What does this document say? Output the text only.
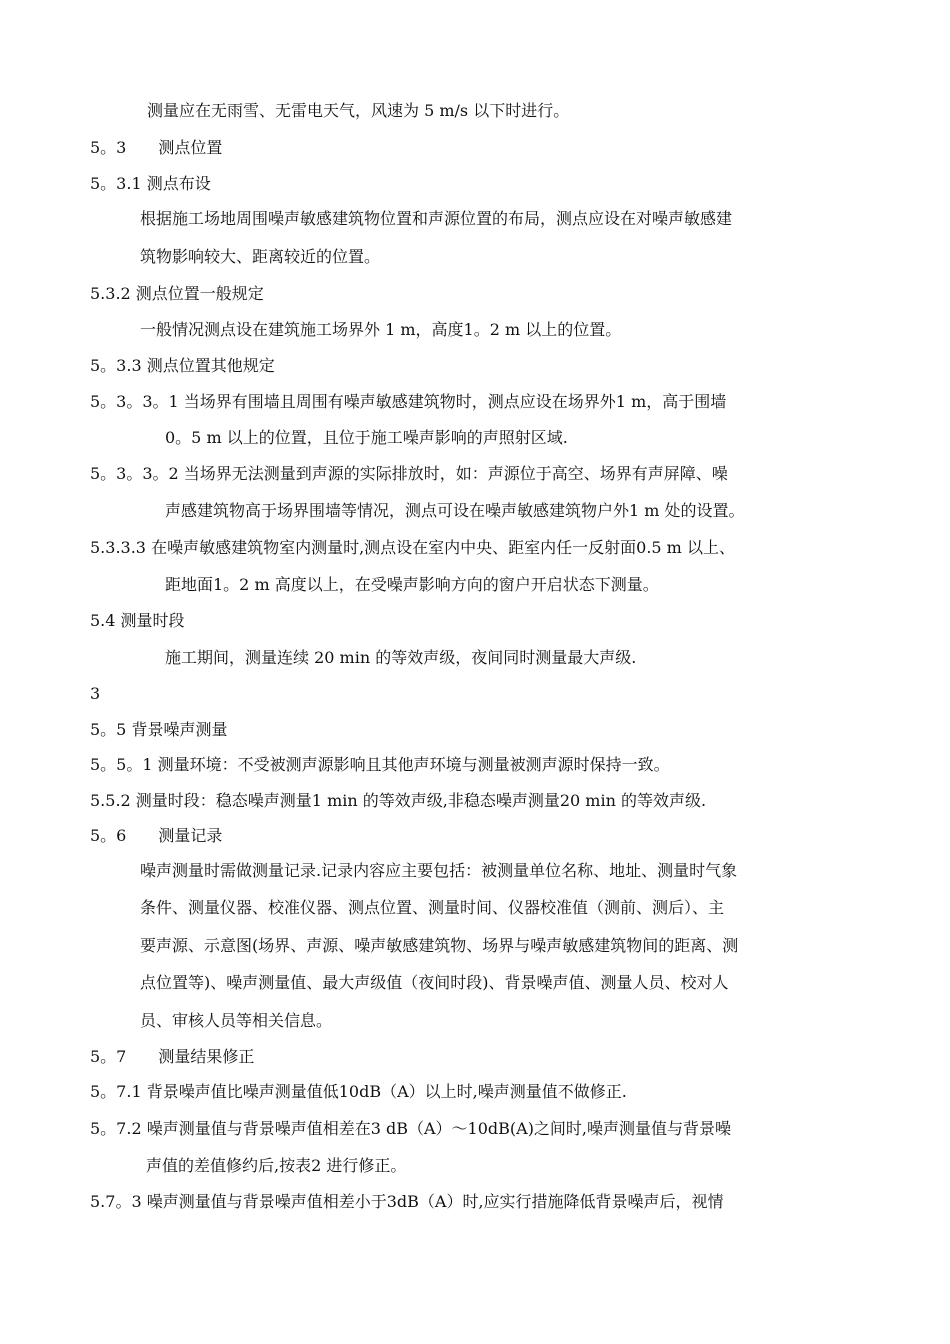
测量应在无雨雪、无雷电天气，风速为 5 m/s 以下时进行。
5。3　　测点位置
5。3.1 测点布设
根据施工场地周围噪声敏感建筑物位置和声源位置的布局，测点应设在对噪声敏感建
筑物影响较大、距离较近的位置。
5.3.2 测点位置一般规定
一般情况测点设在建筑施工场界外 1 m，高度1。2 m 以上的位置。
5。3.3 测点位置其他规定
5。3。3。1 当场界有围墙且周围有噪声敏感建筑物时，测点应设在场界外1 m，高于围墙
0。5 m 以上的位置，且位于施工噪声影响的声照射区域.
5。3。3。2 当场界无法测量到声源的实际排放时，如：声源位于高空、场界有声屏障、噪
声感建筑物高于场界围墙等情况，测点可设在噪声敏感建筑物户外1 m 处的设置。
5.3.3.3 在噪声敏感建筑物室内测量时,测点设在室内中央、距室内任一反射面0.5 m 以上、
距地面1。2 m 高度以上，在受噪声影响方向的窗户开启状态下测量。
5.4 测量时段
施工期间，测量连续 20 min 的等效声级，夜间同时测量最大声级.
3
5。5 背景噪声测量
5。5。1 测量环境：不受被测声源影响且其他声环境与测量被测声源时保持一致。
5.5.2 测量时段：稳态噪声测量1 min 的等效声级,非稳态噪声测量20 min 的等效声级.
5。6　　测量记录
噪声测量时需做测量记录.记录内容应主要包括：被测量单位名称、地址、测量时气象
条件、测量仪器、校准仪器、测点位置、测量时间、仪器校准值（测前、测后）、主
要声源、示意图(场界、声源、噪声敏感建筑物、场界与噪声敏感建筑物间的距离、测
点位置等)、噪声测量值、最大声级值（夜间时段)、背景噪声值、测量人员、校对人
员、审核人员等相关信息。
5。7　　测量结果修正
5。7.1 背景噪声值比噪声测量值低10dB（A）以上时,噪声测量值不做修正.
5。7.2 噪声测量值与背景噪声值相差在3 dB（A）～10dB(A)之间时,噪声测量值与背景噪
声值的差值修约后,按表2 进行修正。
5.7。3 噪声测量值与背景噪声值相差小于3dB（A）时,应实行措施降低背景噪声后，视情
